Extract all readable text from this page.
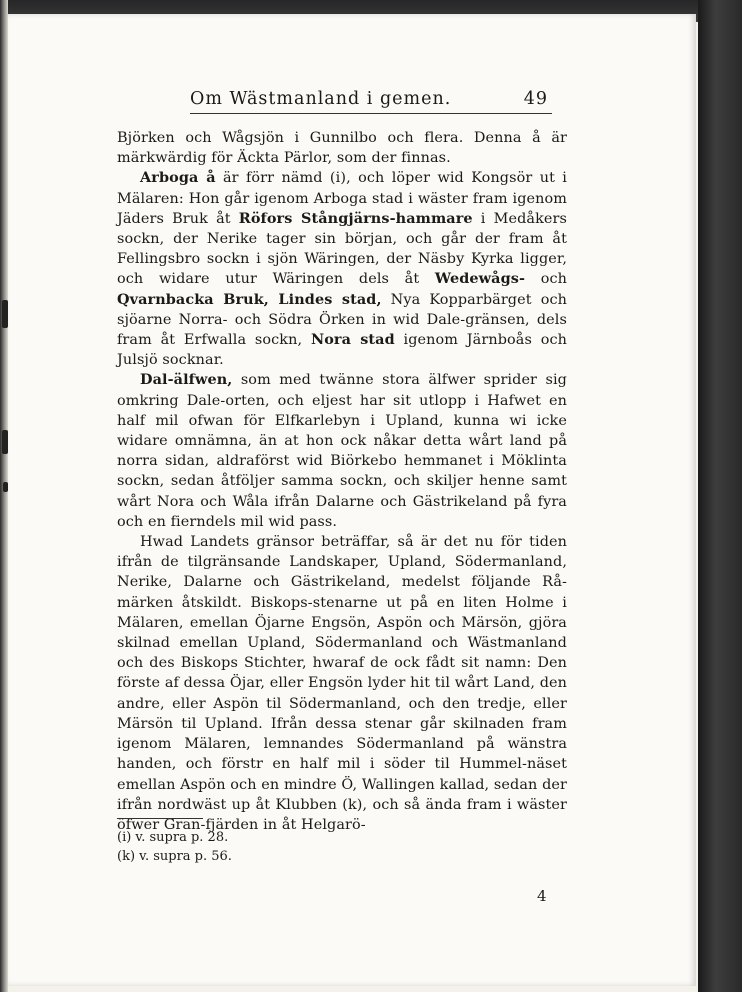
Om Wästmanland i gemen.	49

Björken och Wågsjön i Gunnilbo och flera. Denna å är märkwärdig för Äckta Pärlor, som der finnas.

Arboga å är förr nämd (i), och löper wid Kongsör ut i Mälaren: Hon går igenom Arboga stad i wäster fram igenom Jäders Bruk åt Röfors Stångjärns-hammare i Medåkers sockn, der Nerike tager sin början, och går der fram åt Fellingsbro sockn i sjön Wäringen, der Näsby Kyrka ligger, och widare utur Wäringen dels åt Wedewågs- och Qvarnbacka Bruk, Lindes stad, Nya Kopparbärget och sjöarne Norra- och Södra Örken in wid Dale-gränsen, dels fram åt Erfwalla sockn, Nora stad igenom Järnboås och Julsjö socknar.

Dal-älfwen, som med twänne stora älfwer sprider sig omkring Dale-orten, och eljest har sit utlopp i Hafwet en half mil ofwan för Elfkarlebyn i Upland, kunna wi icke widare omnämna, än at hon ock nåkar detta wårt land på norra sidan, aldraförst wid Biörkebo hemmanet i Möklinta sockn, sedan åtföljer samma sockn, och skiljer henne samt wårt Nora och Wåla ifrån Dalarne och Gästrikeland på fyra och en fierndels mil wid pass.

Hwad Landets gränsor beträffar, så är det nu för tiden ifrån de tilgränsande Landskaper, Upland, Södermanland, Nerike, Dalarne och Gästrikeland, medelst följande Rå-märken åtskildt. Biskops-stenarne ut på en liten Holme i Mälaren, emellan Öjarne Engsön, Aspön och Märsön, gjöra skilnad emellan Upland, Södermanland och Wästmanland och des Biskops Stichter, hwaraf de ock fådt sit namn: Den förste af dessa Öjar, eller Engsön lyder hit til wårt Land, den andre, eller Aspön til Södermanland, och den tredje, eller Märsön til Upland. Ifrån dessa stenar går skilnaden fram igenom Mälaren, lemnandes Södermanland på wänstra handen, och förstr en half mil i söder til Hummel-näset emellan Aspön och en mindre Ö, Wallingen kallad, sedan der ifrån nordwäst up åt Klubben (k), och så ända fram i wäster öfwer Gran-fjärden in åt Helgarö-

(i) v. supra p. 28.
(k) v. supra p. 56.
4
